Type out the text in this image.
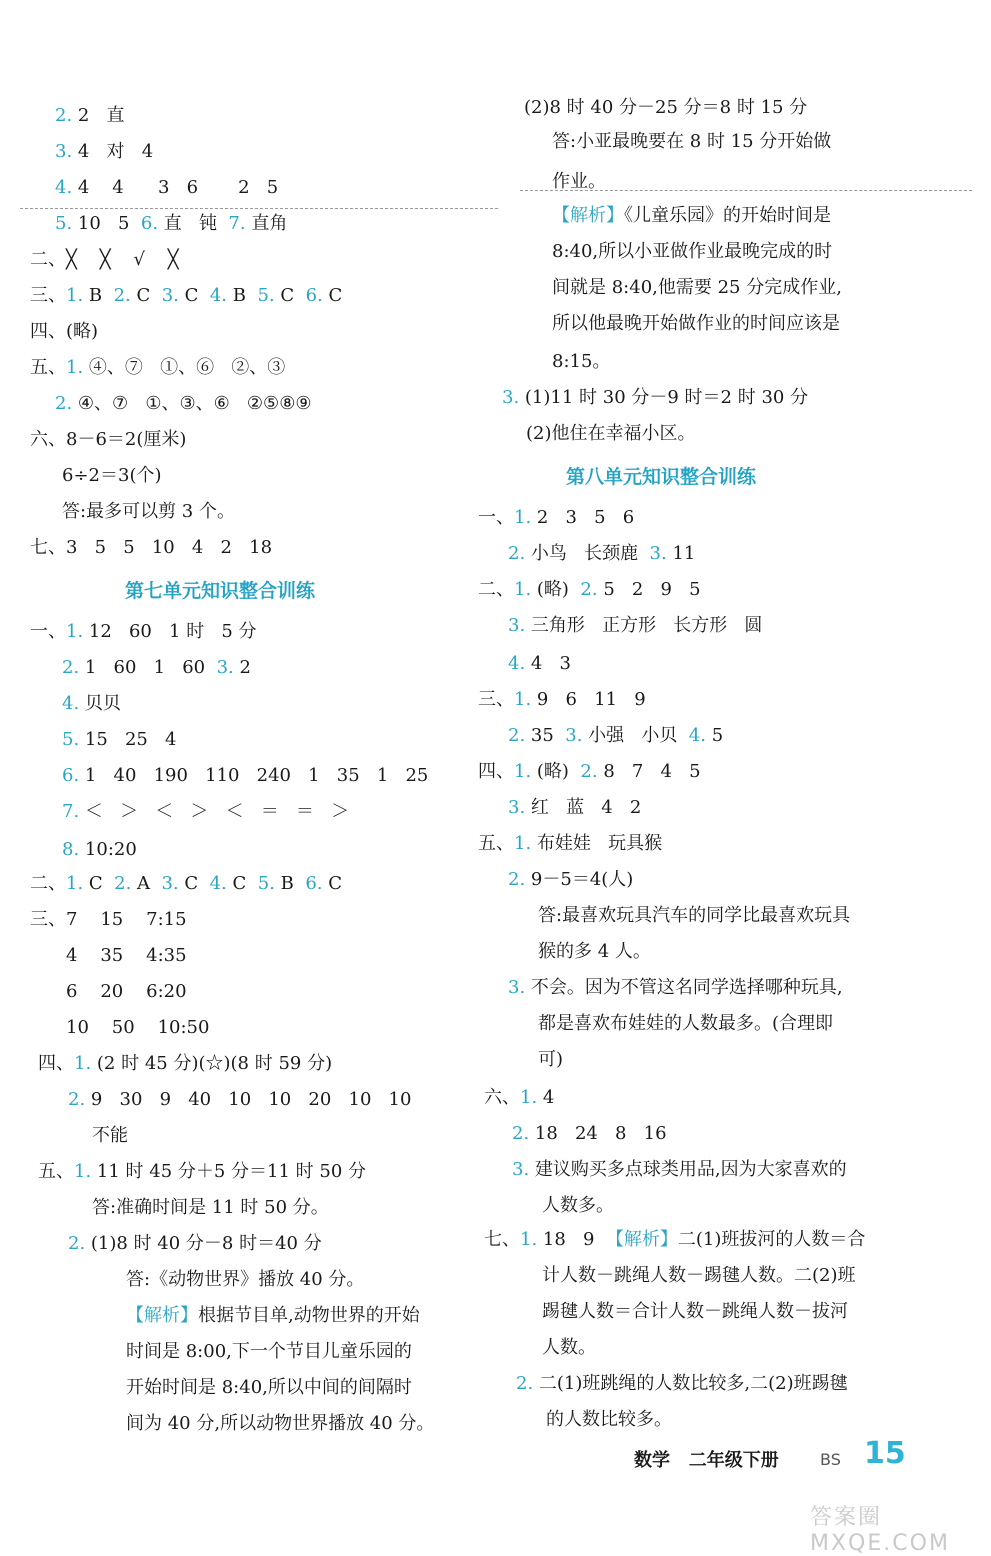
2. 2   直
3. 4   对   4
4. 4    4      3   6       2   5
5. 10   5  6. 直   钝  7. 直角
二、╳    ╳    √    ╳
三、1. B  2. C  3. C  4. B  5. C  6. C
四、(略)
五、1. ④、⑦   ①、⑥   ②、③
2. ④、⑦   ①、③、⑥   ②⑤⑧⑨
六、8－6＝2(厘米)
6÷2＝3(个)
答:最多可以剪 3 个。
七、3   5   5   10   4   2   18
一、1. 12   60   1 时   5 分
2. 1   60   1   60  3. 2
4. 贝贝
5. 15   25   4
6. 1   40   190   110   240   1   35   1   25
7. ＜   ＞   ＜   ＞   ＜   ＝   ＝   ＞
8. 10:20
二、1. C  2. A  3. C  4. C  5. B  6. C
三、7    15    7:15
4    35    4:35
6    20    6:20
10    50    10:50
四、1. (2 时 45 分)(☆)(8 时 59 分)
2. 9   30   9   40   10   10   20   10   10
不能
五、1. 11 时 45 分＋5 分＝11 时 50 分
答:准确时间是 11 时 50 分。
2. (1)8 时 40 分－8 时＝40 分
答:《动物世界》播放 40 分。
【解析】根据节目单,动物世界的开始
时间是 8:00,下一个节目儿童乐园的
开始时间是 8:40,所以中间的间隔时
间为 40 分,所以动物世界播放 40 分。
(2)8 时 40 分－25 分＝8 时 15 分
答:小亚最晚要在 8 时 15 分开始做
作业。
【解析】《儿童乐园》的开始时间是
8:40,所以小亚做作业最晚完成的时
间就是 8:40,他需要 25 分完成作业,
所以他最晚开始做作业的时间应该是
8:15。
3. (1)11 时 30 分－9 时＝2 时 30 分
(2)他住在幸福小区。
一、1. 2   3   5   6
2. 小鸟   长颈鹿  3. 11
二、1. (略)  2. 5   2   9   5
3. 三角形   正方形   长方形   圆
4. 4   3
三、1. 9   6   11   9
2. 35  3. 小强   小贝  4. 5
四、1. (略)  2. 8   7   4   5
3. 红   蓝   4   2
五、1. 布娃娃   玩具猴
2. 9－5＝4(人)
答:最喜欢玩具汽车的同学比最喜欢玩具
猴的多 4 人。
3. 不会。因为不管这名同学选择哪种玩具,
都是喜欢布娃娃的人数最多。(合理即
可)
六、1. 4
2. 18   24   8   16
3. 建议购买多点球类用品,因为大家喜欢的
人数多。
七、1. 18   9  【解析】二(1)班拔河的人数＝合
计人数－跳绳人数－踢毽人数。二(2)班
踢毽人数＝合计人数－跳绳人数－拔河
人数。
2. 二(1)班跳绳的人数比较多,二(2)班踢毽
的人数比较多。
第七单元知识整合训练
第八单元知识整合训练
数学   二年级下册	BS 15
答案圈 MXQE.COM
